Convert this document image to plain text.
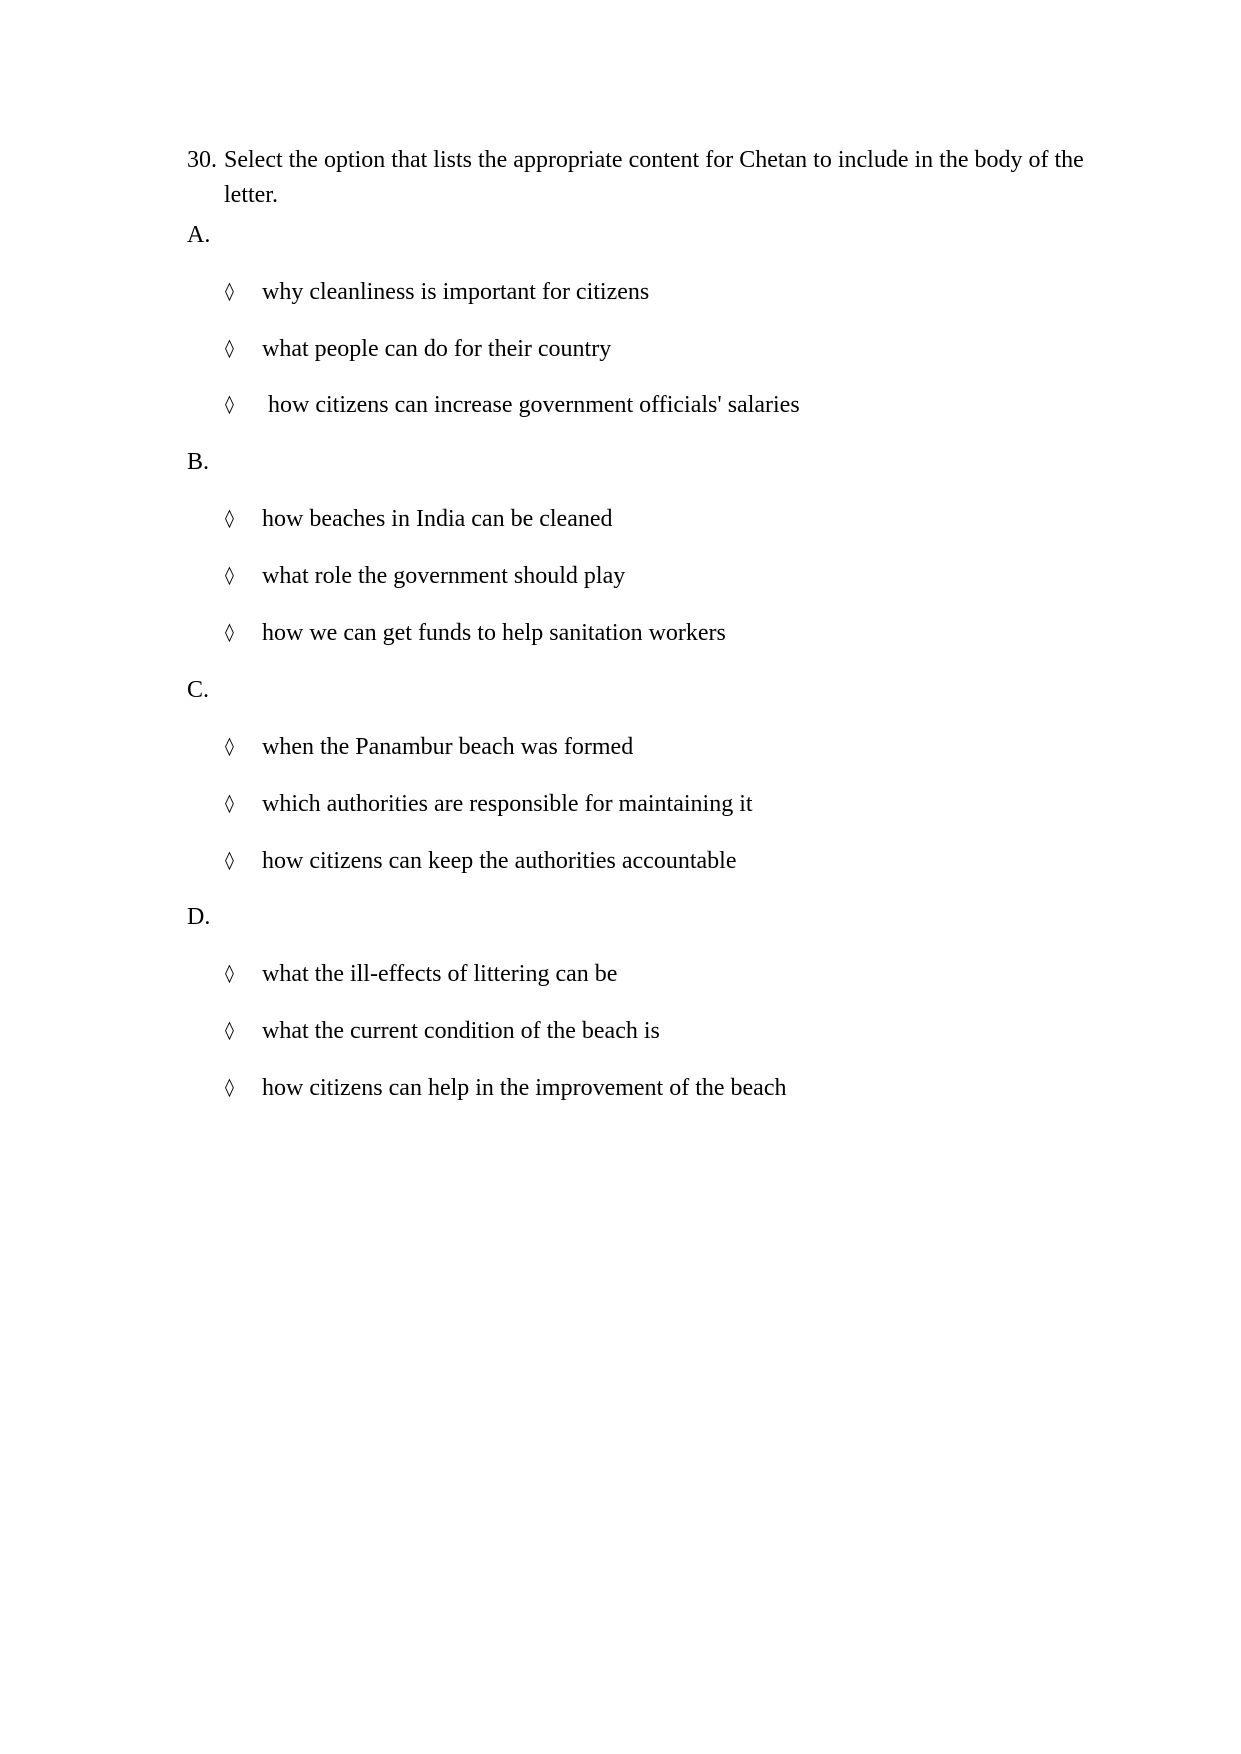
30. Select the option that lists the appropriate content for Chetan to include in the body of the letter.
A.
◊ why cleanliness is important for citizens
◊ what people can do for their country
◊ how citizens can increase government officials' salaries
B.
◊ how beaches in India can be cleaned
◊ what role the government should play
◊ how we can get funds to help sanitation workers
C.
◊ when the Panambur beach was formed
◊ which authorities are responsible for maintaining it
◊ how citizens can keep the authorities accountable
D.
◊ what the ill-effects of littering can be
◊ what the current condition of the beach is
◊ how citizens can help in the improvement of the beach
